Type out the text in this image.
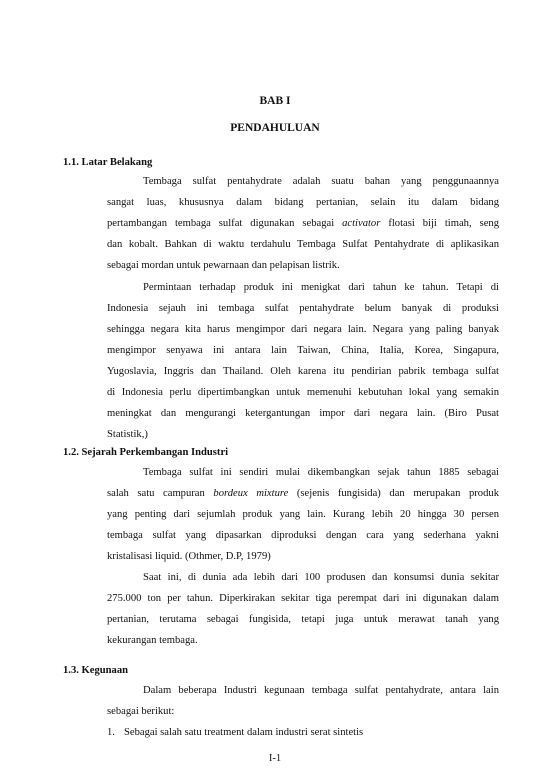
BAB I
PENDAHULUAN
1.1. Latar Belakang
Tembaga sulfat pentahydrate adalah suatu bahan yang penggunaannya
sangat luas, khususnya dalam bidang pertanian, selain itu dalam bidang
pertambangan tembaga sulfat digunakan sebagai activator flotasi biji timah, seng
dan kobalt. Bahkan di waktu terdahulu Tembaga Sulfat Pentahydrate di aplikasikan
sebagai mordan untuk pewarnaan dan pelapisan listrik.
Permintaan terhadap produk ini menigkat dari tahun ke tahun. Tetapi di
Indonesia sejauh ini tembaga sulfat pentahydrate belum banyak di produksi
sehingga negara kita harus mengimpor dari negara lain. Negara yang paling banyak
mengimpor senyawa ini antara lain Taiwan, China, Italia, Korea, Singapura,
Yugoslavia, Inggris dan Thailand. Oleh karena itu pendirian pabrik tembaga sulfat
di Indonesia perlu dipertimbangkan untuk memenuhi kebutuhan lokal yang semakin
meningkat dan mengurangi ketergantungan impor dari negara lain. (Biro Pusat
Statistik,)
1.2. Sejarah Perkembangan Industri
Tembaga sulfat ini sendiri mulai dikembangkan sejak tahun 1885 sebagai
salah satu campuran bordeux mixture (sejenis fungisida) dan merupakan produk
yang penting dari sejumlah produk yang lain. Kurang lebih 20 hingga 30 persen
tembaga sulfat yang dipasarkan diproduksi dengan cara yang sederhana yakni
kristalisasi liquid. (Othmer, D.P, 1979)
Saat ini, di dunia ada lebih dari 100 produsen dan konsumsi dunia sekitar
275.000 ton per tahun. Diperkirakan sekitar tiga perempat dari ini digunakan dalam
pertanian, terutama sebagai fungisida, tetapi juga untuk merawat tanah yang
kekurangan tembaga.
1.3. Kegunaan
Dalam beberapa Industri kegunaan tembaga sulfat pentahydrate, antara lain
sebagai berikut:
1. Sebagai salah satu treatment dalam industri serat sintetis
I-1
